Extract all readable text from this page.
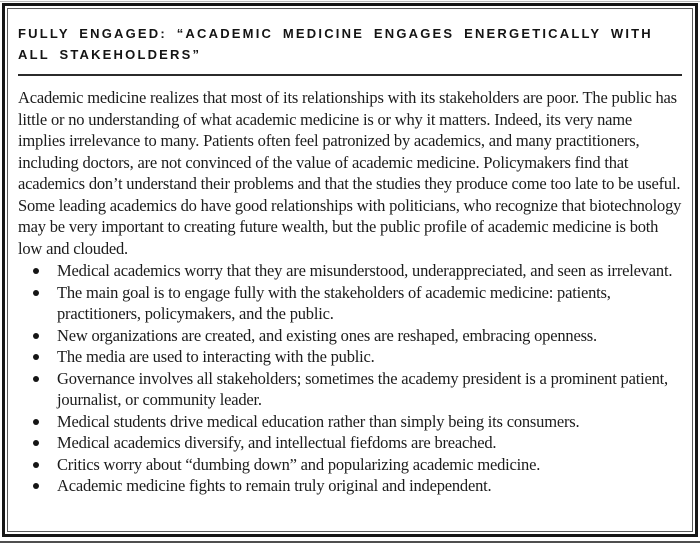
FULLY ENGAGED: “ACADEMIC MEDICINE ENGAGES ENERGETICALLY WITH ALL STAKEHOLDERS”

Academic medicine realizes that most of its relationships with its stakeholders are poor. The public has little or no understanding of what academic medicine is or why it matters. Indeed, its very name implies irrelevance to many. Patients often feel patronized by academics, and many practitioners, including doctors, are not convinced of the value of academic medicine. Policymakers find that academics don’t understand their problems and that the studies they produce come too late to be useful. Some leading academics do have good relationships with politicians, who recognize that biotechnology may be very important to creating future wealth, but the public profile of academic medicine is both low and clouded.

Medical academics worry that they are misunderstood, underappreciated, and seen as irrelevant.
The main goal is to engage fully with the stakeholders of academic medicine: patients, practitioners, policymakers, and the public.
New organizations are created, and existing ones are reshaped, embracing openness.
The media are used to interacting with the public.
Governance involves all stakeholders; sometimes the academy president is a prominent patient, journalist, or community leader.
Medical students drive medical education rather than simply being its consumers.
Medical academics diversify, and intellectual fiefdoms are breached.
Critics worry about “dumbing down” and popularizing academic medicine.
Academic medicine fights to remain truly original and independent.
